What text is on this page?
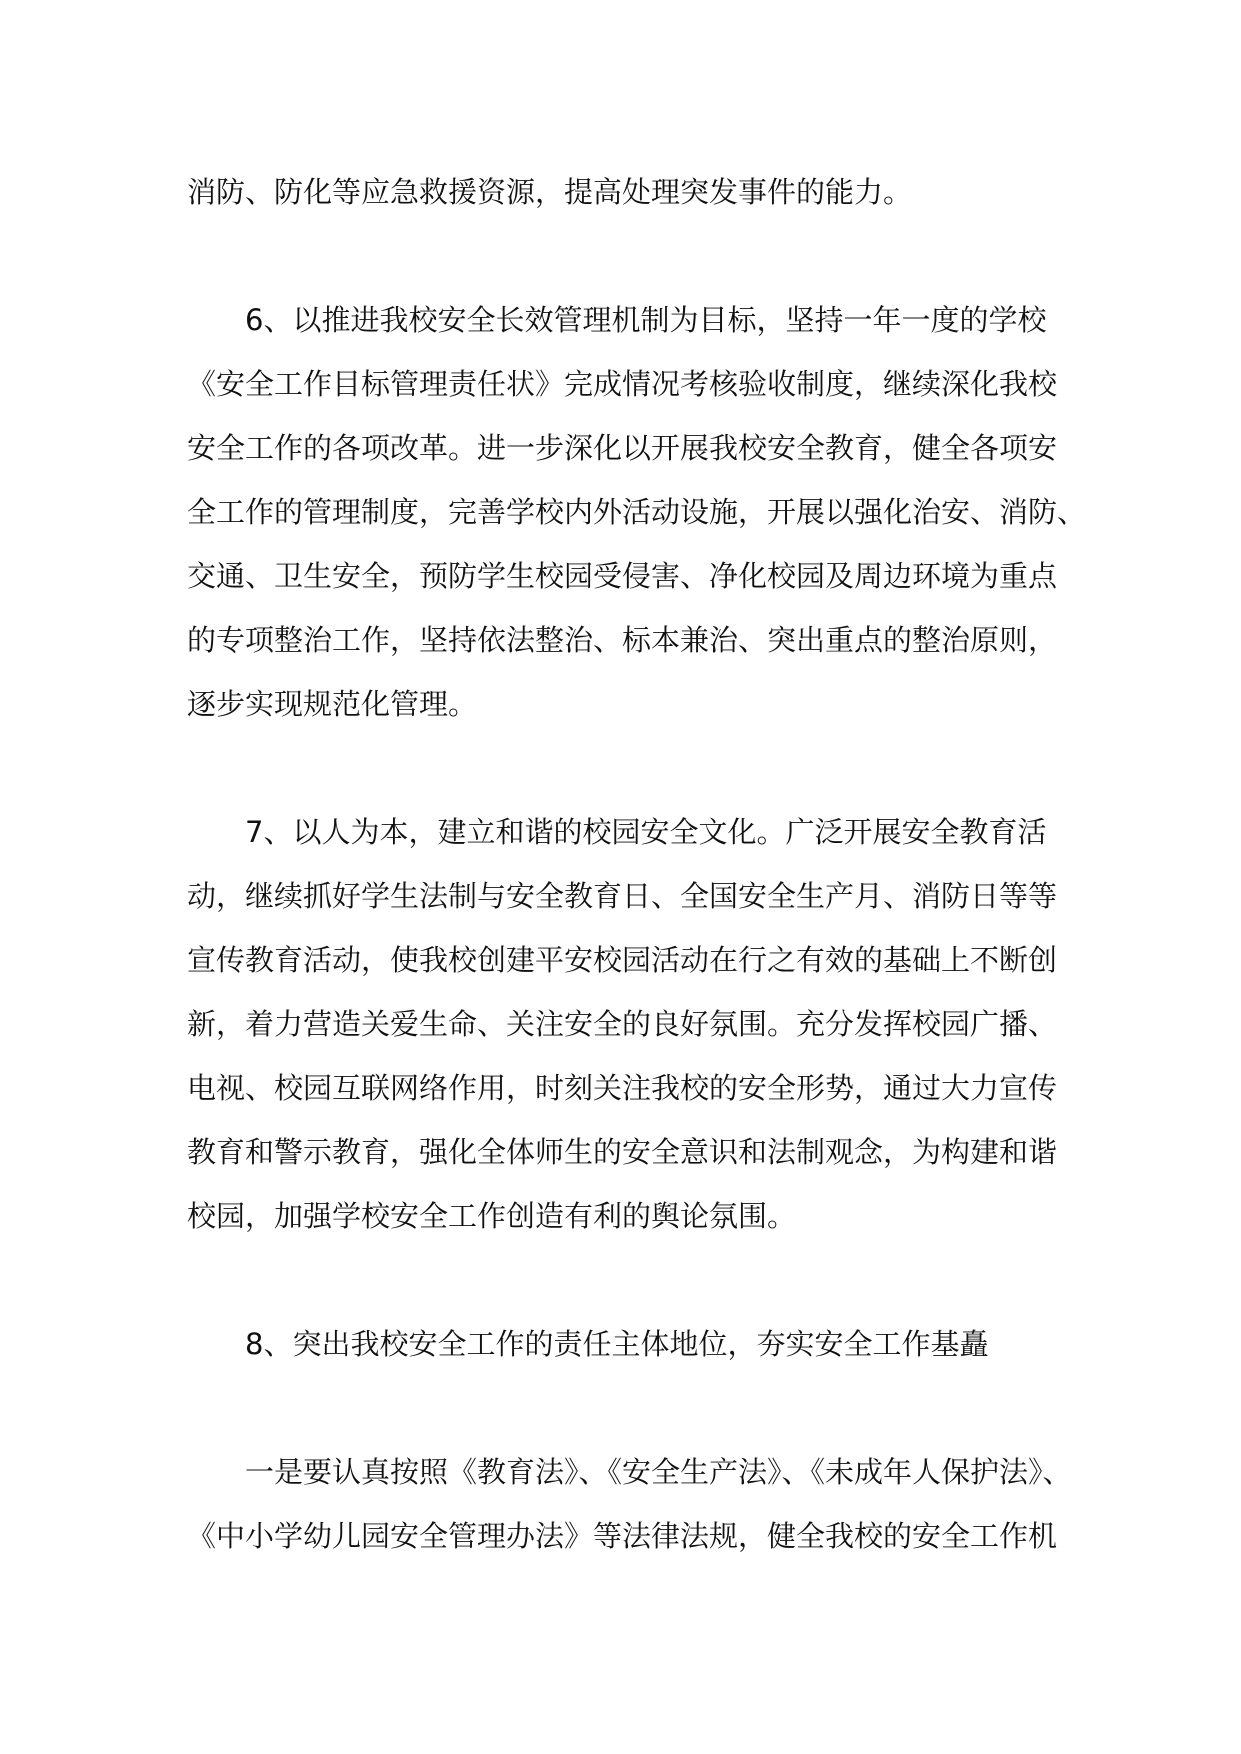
消防、防化等应急救援资源，提高处理突发事件的能力。

6、以推进我校安全长效管理机制为目标，坚持一年一度的学校
《安全工作目标管理责任状》完成情况考核验收制度，继续深化我校
安全工作的各项改革。进一步深化以开展我校安全教育，健全各项安
全工作的管理制度，完善学校内外活动设施，开展以强化治安、消防、
交通、卫生安全，预防学生校园受侵害、净化校园及周边环境为重点
的专项整治工作，坚持依法整治、标本兼治、突出重点的整治原则，
逐步实现规范化管理。

7、以人为本，建立和谐的校园安全文化。广泛开展安全教育活
动，继续抓好学生法制与安全教育日、全国安全生产月、消防日等等
宣传教育活动，使我校创建平安校园活动在行之有效的基础上不断创
新，着力营造关爱生命、关注安全的良好氛围。充分发挥校园广播、
电视、校园互联网络作用，时刻关注我校的安全形势，通过大力宣传
教育和警示教育，强化全体师生的安全意识和法制观念，为构建和谐
校园，加强学校安全工作创造有利的舆论氛围。

8、突出我校安全工作的责任主体地位，夯实安全工作基矗

一是要认真按照《教育法》、《安全生产法》、《未成年人保护法》、
《中小学幼儿园安全管理办法》等法律法规，健全我校的安全工作机
